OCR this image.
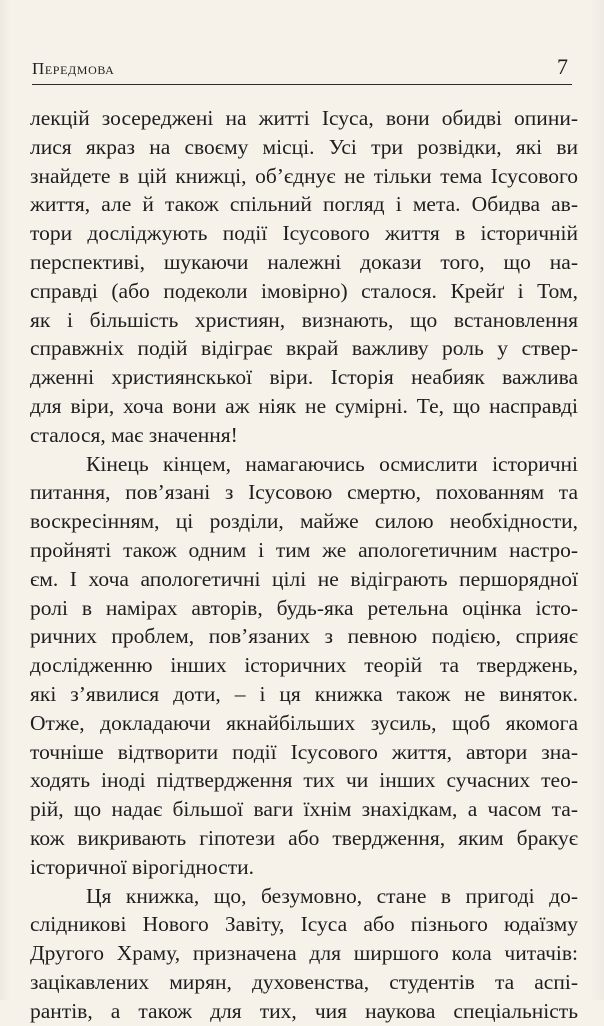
Передмова	7
лекцій зосереджені на житті Ісуса, вони обидві опини-
лися якраз на своєму місці. Усі три розвідки, які ви
знайдете в цій книжці, об’єднує не тільки тема Ісусового
життя, але й також спільний погляд і мета. Обидва ав-
тори досліджують події Ісусового життя в історичній
перспективі, шукаючи належні докази того, що на-
справді (або подеколи імовірно) сталося. Крейґ і Том,
як і більшість християн, визнають, що встановлення
справжніх подій відіграє вкрай важливу роль у ствер-
дженні християнскької віри. Історія неабияк важлива
для віри, хоча вони аж ніяк не сумірні. Те, що насправді
сталося, має значення!
Кінець кінцем, намагаючись осмислити історичні
питання, пов’язані з Ісусовою смертю, похованням та
воскресінням, ці розділи, майже силою необхідности,
пройняті також одним і тим же апологетичним настро-
єм. І хоча апологетичні цілі не відіграють першорядної
ролі в намірах авторів, будь-яка ретельна оцінка істо-
ричних проблем, пов’язаних з певною подією, сприяє
дослідженню інших історичних теорій та тверджень,
які з’явилися доти, – і ця книжка також не виняток.
Отже, докладаючи якнайбільших зусиль, щоб якомога
точніше відтворити події Ісусового життя, автори зна-
ходять іноді підтвердження тих чи інших сучасних тео-
рій, що надає більшої ваги їхнім знахідкам, а часом та-
кож викривають гіпотези або твердження, яким бракує
історичної вірогідности.
Ця книжка, що, безумовно, стане в пригоді до-
слідникові Нового Завіту, Ісуса або пізнього юдаїзму
Другого Храму, призначена для ширшого кола читачів:
зацікавлених мирян, духовенства, студентів та аспі-
рантів, а також для тих, чия наукова спеціальність
